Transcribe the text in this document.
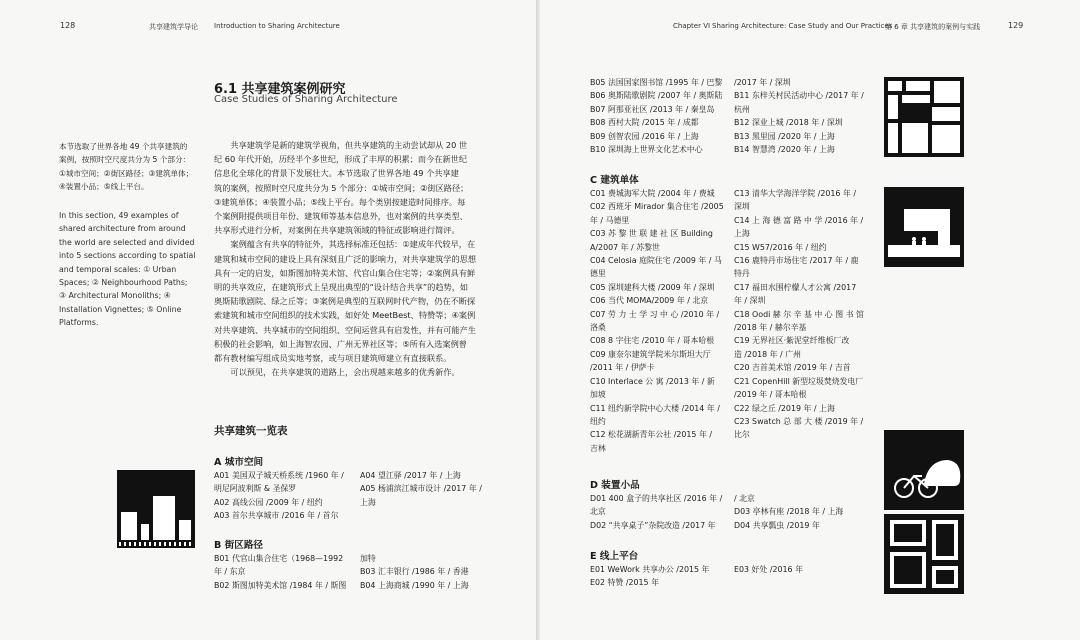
128	共享建筑学导论 Introduction to Sharing Architecture
6.1 共享建筑案例研究
Case Studies of Sharing Architecture
本节选取了世界各地 49 个共享建筑的
案例，按照时空尺度共分为 5 个部分：
①城市空间；②街区路径；③建筑单体；
④装置小品；⑤线上平台。
In this section, 49 examples of
shared architecture from around
the world are selected and divided
into 5 sections according to spatial
and temporal scales: ① Urban
Spaces; ② Neighbourhood Paths;
③ Architectural Monoliths; ④
Installation Vignettes; ⑤ Online
Platforms.

共享建筑学是新的建筑学视角，但共享建筑的主动尝试却从 20 世
纪 60 年代开始，历经半个多世纪，形成了丰厚的积累；而今在新世纪
信息化全球化的背景下发展壮大。本节选取了世界各地 49 个共享建
筑的案例，按照时空尺度共分为 5 个部分：①城市空间；②街区路径；
③建筑单体；④装置小品；⑤线上平台。每个类别按建造时间排序。每
个案例附提供项目年份、建筑师等基本信息外，也对案例的共享类型、
共享形式进行分析，对案例在共享建筑领域的特征或影响进行简评。

案例蕴含有共享的特征外，其选择标准还包括：①建成年代较早，在
建筑和城市空间的建设上具有深刻且广泛的影响力，对共享建筑学的思想
具有一定的启发，如斯图加特美术馆、代官山集合住宅等；②案例具有鲜
明的共享效应，在建筑形式上呈现出典型的“设计结合共享”的趋势，如
奥斯陆歌剧院、绿之丘等；③案例是典型的互联网时代产物，仍在不断探
索建筑和城市空间组织的技术实践，如好处 MeetBest、特赞等；④案例
对共享建筑、共享城市的空间组织、空间运营具有启发性，并有可能产生
积极的社会影响，如上海智农园、广州无界社区等；⑤所有入选案例曾
都有教材编写组成员实地考察，或与项目建筑师建立有直接联系。

可以预见，在共享建筑的道路上，会出现越来越多的优秀新作。

共享建筑一览表
A 城市空间
A01 美国双子城天桥系统 /1960 年 /
明尼阿波利斯 & 圣保罗
A02 高线公园 /2009 年 / 纽约
A03 首尔共享城市 /2016 年 / 首尔
A04 望江驿 /2017 年 / 上海
A05 杨浦滨江城市设计 /2017 年 /
上海
B 街区路径
B01 代官山集合住宅（1968—1992
年 / 东京
B02 斯图加特美术馆 /1984 年 / 斯图
加特
B03 汇丰银行 /1986 年 / 香港
B04 上海商城 /1990 年 / 上海
Chapter VI Sharing Architecture: Case Study and Our Practices
第 6 章 共享建筑的案例与实践	129
B05 法国国家图书馆 /1995 年 / 巴黎
B06 奥斯陆歌剧院 /2007 年 / 奥斯陆
B07 阿那亚社区 /2013 年 / 秦皇岛
B08 西村大院 /2015 年 / 成都
B09 创智农园 /2016 年 / 上海
B10 深圳海上世界文化艺术中心
/2017 年 / 深圳
B11 东梓关村民活动中心 /2017 年 /
杭州
B12 深业上城 /2018 年 / 深圳
B13 黑里园 /2020 年 / 上海
B14 智慧湾 /2020 年 / 上海
C 建筑单体
C01 费城海军大院 /2004 年 / 费城
C02 西班牙 Mirador 集合住宅 /2005
年 / 马德里
C03 苏 黎 世 联 建 社 区 Building
A/2007 年 / 苏黎世
C04 Celosia 庭院住宅 /2009 年 / 马
德里
C05 深圳建科大楼 /2009 年 / 深圳
C06 当代 MOMA/2009 年 / 北京
C07 劳 力 士 学 习 中 心 /2010 年 /
洛桑
C08 8 字住宅 /2010 年 / 哥本哈根
C09 康奈尔建筑学院米尔斯坦大厅
/2011 年 / 伊萨卡
C10 Interlace 公 寓 /2013 年 / 新
加坡
C11 纽约新学院中心大楼 /2014 年 /
纽约
C12 松花湖新青年公社 /2015 年 /
吉林
C13 清华大学海洋学院 /2016 年 /
深圳
C14 上 海 德 富 路 中 学 /2016 年 /
上海
C15 W57/2016 年 / 纽约
C16 鹿特丹市场住宅 /2017 年 / 鹿
特丹
C17 福田水围柠檬人才公寓 /2017
年 / 深圳
C18 Oodi 赫 尔 辛 基 中 心 图 书 馆
/2018 年 / 赫尔辛基
C19 无界社区·紫泥堂纤维板厂改
造 /2018 年 / 广州
C20 吉首美术馆 /2019 年 / 吉首
C21 CopenHill 新型垃圾焚烧发电厂
/2019 年 / 哥本哈根
C22 绿之丘 /2019 年 / 上海
C23 Swatch 总 部 大 楼 /2019 年 /
比尔
D 装置小品
D01 400 盒子的共享社区 /2016 年 /
北京
D02 “共享桌子”杂院改造 /2017 年
/ 北京
D03 亭林有座 /2018 年 / 上海
D04 共享瓢虫 /2019 年
E 线上平台
E01 WeWork 共享办公 /2015 年
E02 特赞 /2015 年
E03 好处 /2016 年
